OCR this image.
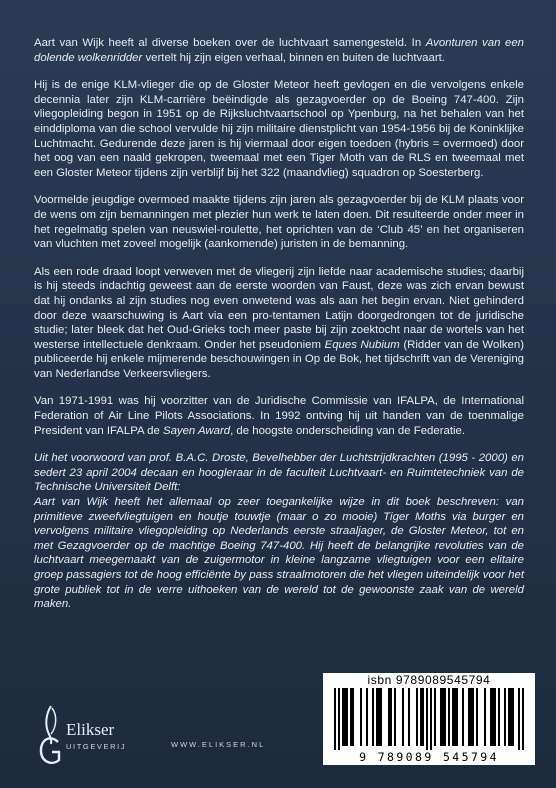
Aart van Wijk heeft al diverse boeken over de luchtvaart samengesteld. In Avonturen van een dolende wolkenridder vertelt hij zijn eigen verhaal, binnen en buiten de luchtvaart.

Hij is de enige KLM-vlieger die op de Gloster Meteor heeft gevlogen en die vervolgens enkele decennia later zijn KLM-carrière beëindigde als gezagvoerder op de Boeing 747-400. Zijn vliegopleiding begon in 1951 op de Rijksluchtvaartschool op Ypenburg, na het behalen van het einddiploma van die school vervulde hij zijn militaire dienstplicht van 1954-1956 bij de Koninklijke Luchtmacht. Gedurende deze jaren is hij viermaal door eigen toedoen (hybris = overmoed) door het oog van een naald gekropen, tweemaal met een Tiger Moth van de RLS en tweemaal met een Gloster Meteor tijdens zijn verblijf bij het 322 (maandvlieg) squadron op Soesterberg.

Voormelde jeugdige overmoed maakte tijdens zijn jaren als gezagvoerder bij de KLM plaats voor de wens om zijn bemanningen met plezier hun werk te laten doen. Dit resulteerde onder meer in het regelmatig spelen van neuswiel-roulette, het oprichten van de ‘Club 45’ en het organiseren van vluchten met zoveel mogelijk (aankomende) juristen in de bemanning.

Als een rode draad loopt verweven met de vliegerij zijn liefde naar academische studies; daarbij is hij steeds indachtig geweest aan de eerste woorden van Faust, deze was zich ervan bewust dat hij ondanks al zijn studies nog even onwetend was als aan het begin ervan. Niet gehinderd door deze waarschuwing is Aart via een pro-tentamen Latijn doorgedrongen tot de juridische studie; later bleek dat het Oud-Grieks toch meer paste bij zijn zoektocht naar de wortels van het westerse intellectuele denkraam. Onder het pseudoniem Eques Nubium (Ridder van de Wolken) publiceerde hij enkele mijmerende beschouwingen in Op de Bok, het tijdschrift van de Vereniging van Nederlandse Verkeersvliegers.

Van 1971-1991 was hij voorzitter van de Juridische Commissie van IFALPA, de International Federation of Air Line Pilots Associations. In 1992 ontving hij uit handen van de toenmalige President van IFALPA de Sayen Award, de hoogste onderscheiding van de Federatie.

Uit het voorwoord van prof. B.A.C. Droste, Bevelhebber der Luchtstrijdkrachten (1995 - 2000) en sedert 23 april 2004 decaan en hoogleraar in de faculteit Luchtvaart- en Ruimtetechniek van de Technische Universiteit Delft:

Aart van Wijk heeft het allemaal op zeer toegankelijke wijze in dit boek beschreven: van primitieve zweefvliegtuigen en houtje touwtje (maar o zo mooie) Tiger Moths via burger en vervolgens militaire vliegopleiding op Nederlands eerste straaljager, de Gloster Meteor, tot en met Gezagvoerder op de machtige Boeing 747-400. Hij heeft de belangrijke revoluties van de luchtvaart meegemaakt van de zuigermotor in kleine langzame vliegtuigen voor een elitaire groep passagiers tot de hoog efficiënte by pass straalmotoren die het vliegen uiteindelijk voor het grote publiek tot in de verre uithoeken van de wereld tot de gewoonste zaak van de wereld maken.

isbn 9789089545794
9 789089 545794
Elikser
UITGEVERIJ	WWW.ELIKSER.NL
